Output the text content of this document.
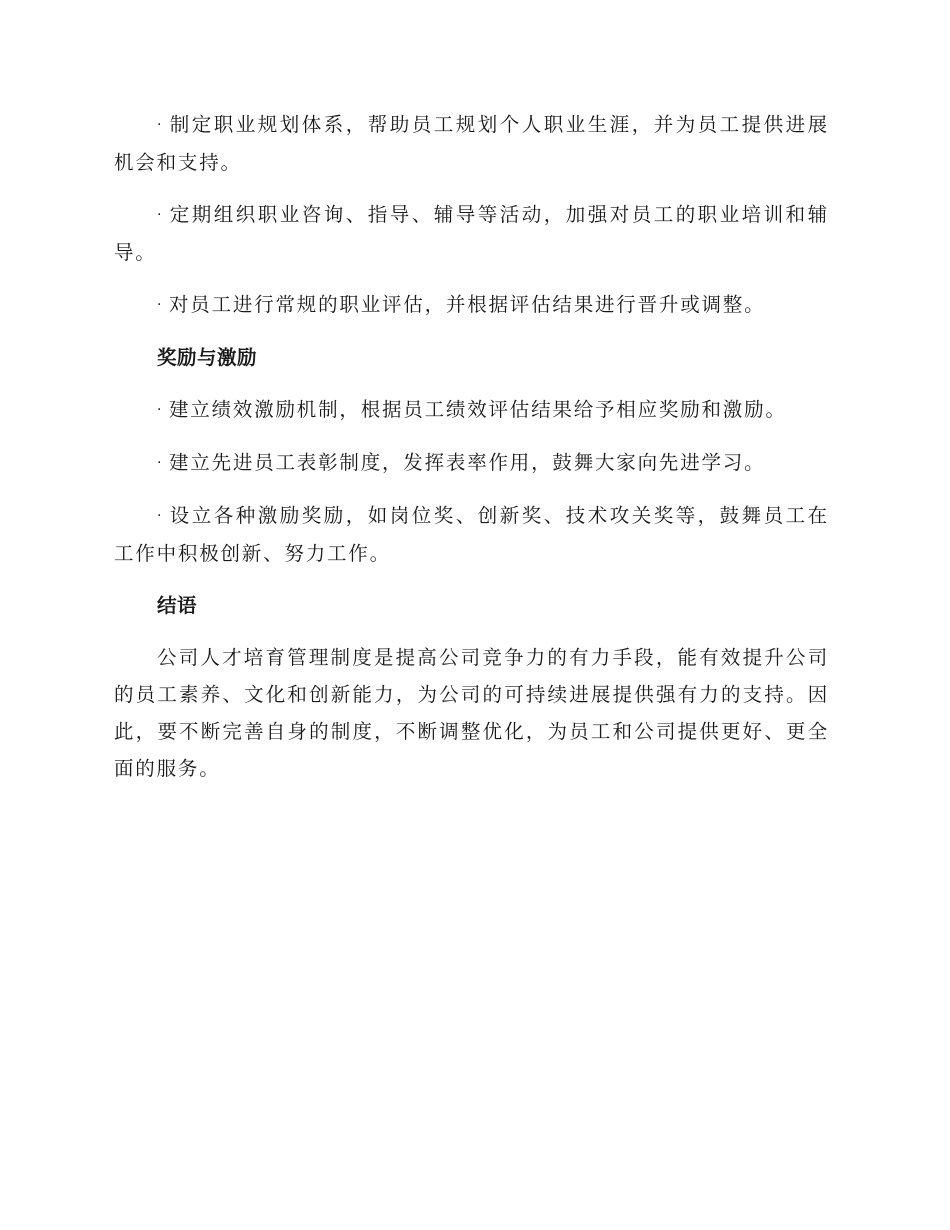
· 制定职业规划体系，帮助员工规划个人职业生涯，并为员工提供进展机会和支持。

· 定期组织职业咨询、指导、辅导等活动，加强对员工的职业培训和辅导。

· 对员工进行常规的职业评估，并根据评估结果进行晋升或调整。

奖励与激励

· 建立绩效激励机制，根据员工绩效评估结果给予相应奖励和激励。

· 建立先进员工表彰制度，发挥表率作用，鼓舞大家向先进学习。

· 设立各种激励奖励，如岗位奖、创新奖、技术攻关奖等，鼓舞员工在工作中积极创新、努力工作。

结语

公司人才培育管理制度是提高公司竞争力的有力手段，能有效提升公司的员工素养、文化和创新能力，为公司的可持续进展提供强有力的支持。因此，要不断完善自身的制度，不断调整优化，为员工和公司提供更好、更全面的服务。
